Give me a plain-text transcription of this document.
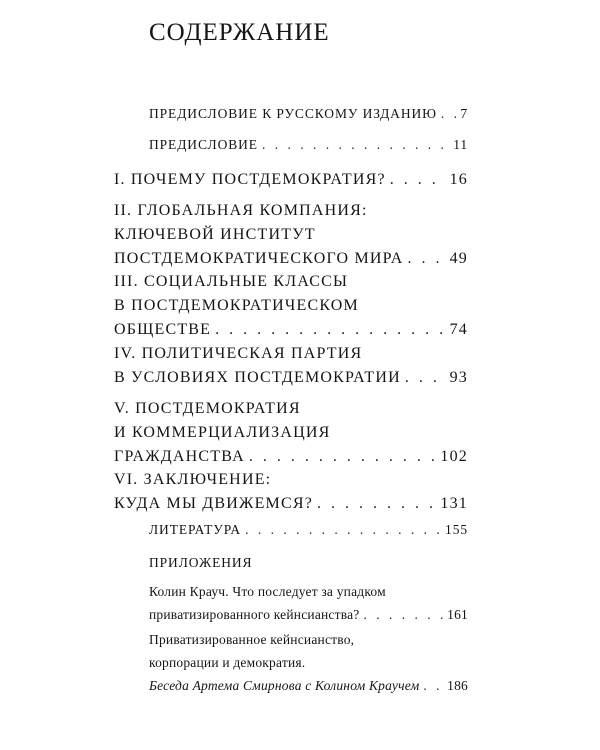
СОДЕРЖАНИЕ
ПРЕДИСЛОВИЕ К РУССКОМУ ИЗДАНИЮ . . . 7
ПРЕДИСЛОВИЕ . . .	11
I. ПОЧЕМУ ПОСТДЕМОКРАТИЯ? . . .	16
II. ГЛОБАЛЬНАЯ КОМПАНИЯ:
КЛЮЧЕВОЙ ИНСТИТУТ
ПОСТДЕМОКРАТИЧЕСКОГО МИРА . . .	49
III. СОЦИАЛЬНЫЕ КЛАССЫ
В ПОСТДЕМОКРАТИЧЕСКОМ
ОБЩЕСТВЕ . . .	74
IV. ПОЛИТИЧЕСКАЯ ПАРТИЯ
В УСЛОВИЯХ ПОСТДЕМОКРАТИИ . . .	93
V. ПОСТДЕМОКРАТИЯ
И КОММЕРЦИАЛИЗАЦИЯ
ГРАЖДАНСТВА . . .	102
VI. ЗАКЛЮЧЕНИЕ:
КУДА МЫ ДВИЖЕМСЯ? . . .	131
ЛИТЕРАТУРА . . .	155
ПРИЛОЖЕНИЯ
Колин Крауч. Что последует за упадком
приватизированного кейнсианства? . . .	161
Приватизированное кейнсианство,
корпорации и демократия.
Беседа Артема Смирнова с Колином Краучем . . . 186
